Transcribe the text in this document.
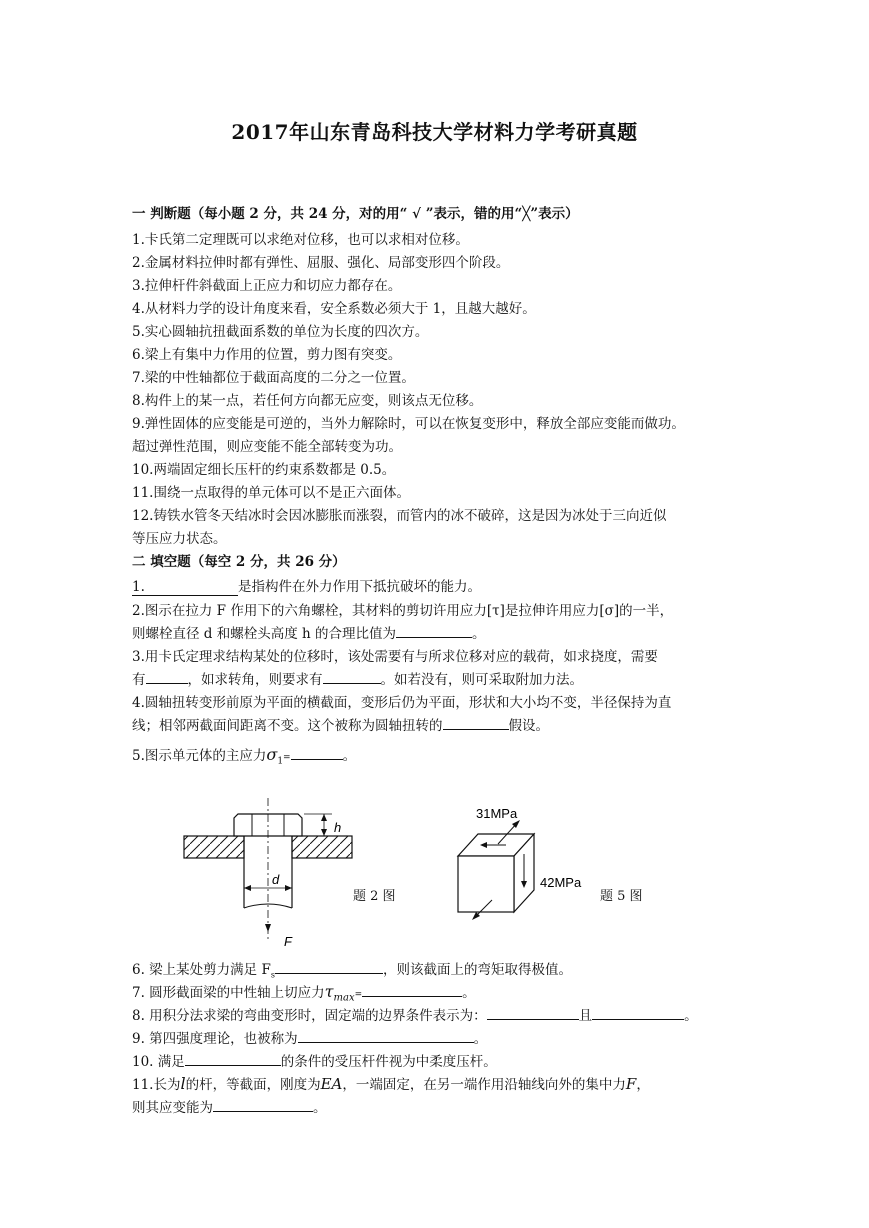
2017年山东青岛科技大学材料力学考研真题
一 判断题（每小题 2 分，共 24 分，对的用“ √ ”表示，错的用“╳”表示）
1.卡氏第二定理既可以求绝对位移，也可以求相对位移。
2.金属材料拉伸时都有弹性、屈服、强化、局部变形四个阶段。
3.拉伸杆件斜截面上正应力和切应力都存在。
4.从材料力学的设计角度来看，安全系数必须大于 1，且越大越好。
5.实心圆轴抗扭截面系数的单位为长度的四次方。
6.梁上有集中力作用的位置，剪力图有突变。
7.梁的中性轴都位于截面高度的二分之一位置。
8.构件上的某一点，若任何方向都无应变，则该点无位移。
9.弹性固体的应变能是可逆的，当外力解除时，可以在恢复变形中，释放全部应变能而做功。
超过弹性范围，则应变能不能全部转变为功。
10.两端固定细长压杆的约束系数都是 0.5。
11.围绕一点取得的单元体可以不是正六面体。
12.铸铁水管冬天结冰时会因冰膨胀而涨裂，而管内的冰不破碎，这是因为冰处于三向近似
等压应力状态。
二 填空题（每空 2 分，共 26 分）
1.	是指构件在外力作用下抵抗破坏的能力。
2.图示在拉力 F 作用下的六角螺栓，其材料的剪切许用应力[τ]是拉伸许用应力[σ]的一半，
则螺栓直径 d 和螺栓头高度 h 的合理比值为	。
3.用卡氏定理求结构某处的位移时，该处需要有与所求位移对应的载荷，如求挠度，需要
有	，如求转角，则要求有	。如若没有，则可采取附加力法。
4.圆轴扭转变形前原为平面的横截面，变形后仍为平面，形状和大小均不变，半径保持为直
线；相邻两截面间距离不变。这个被称为圆轴扭转的	假设。
5.图示单元体的主应力$\sigma_1=$	。
h
d
F
题 2 图
31MPa
42MPa
题 5 图
6. 梁上某处剪力满足 $F_s$	，则该截面上的弯矩取得极值。
7. 圆形截面梁的中性轴上切应力$\tau_{max}=$	。
8. 用积分法求梁的弯曲变形时，固定端的边界条件表示为：	且	。
9. 第四强度理论，也被称为	。
10. 满足	的条件的受压杆件视为中柔度压杆。
11.长为l的杆，等截面，刚度为EA，一端固定，在另一端作用沿轴线向外的集中力F，
则其应变能为	。
